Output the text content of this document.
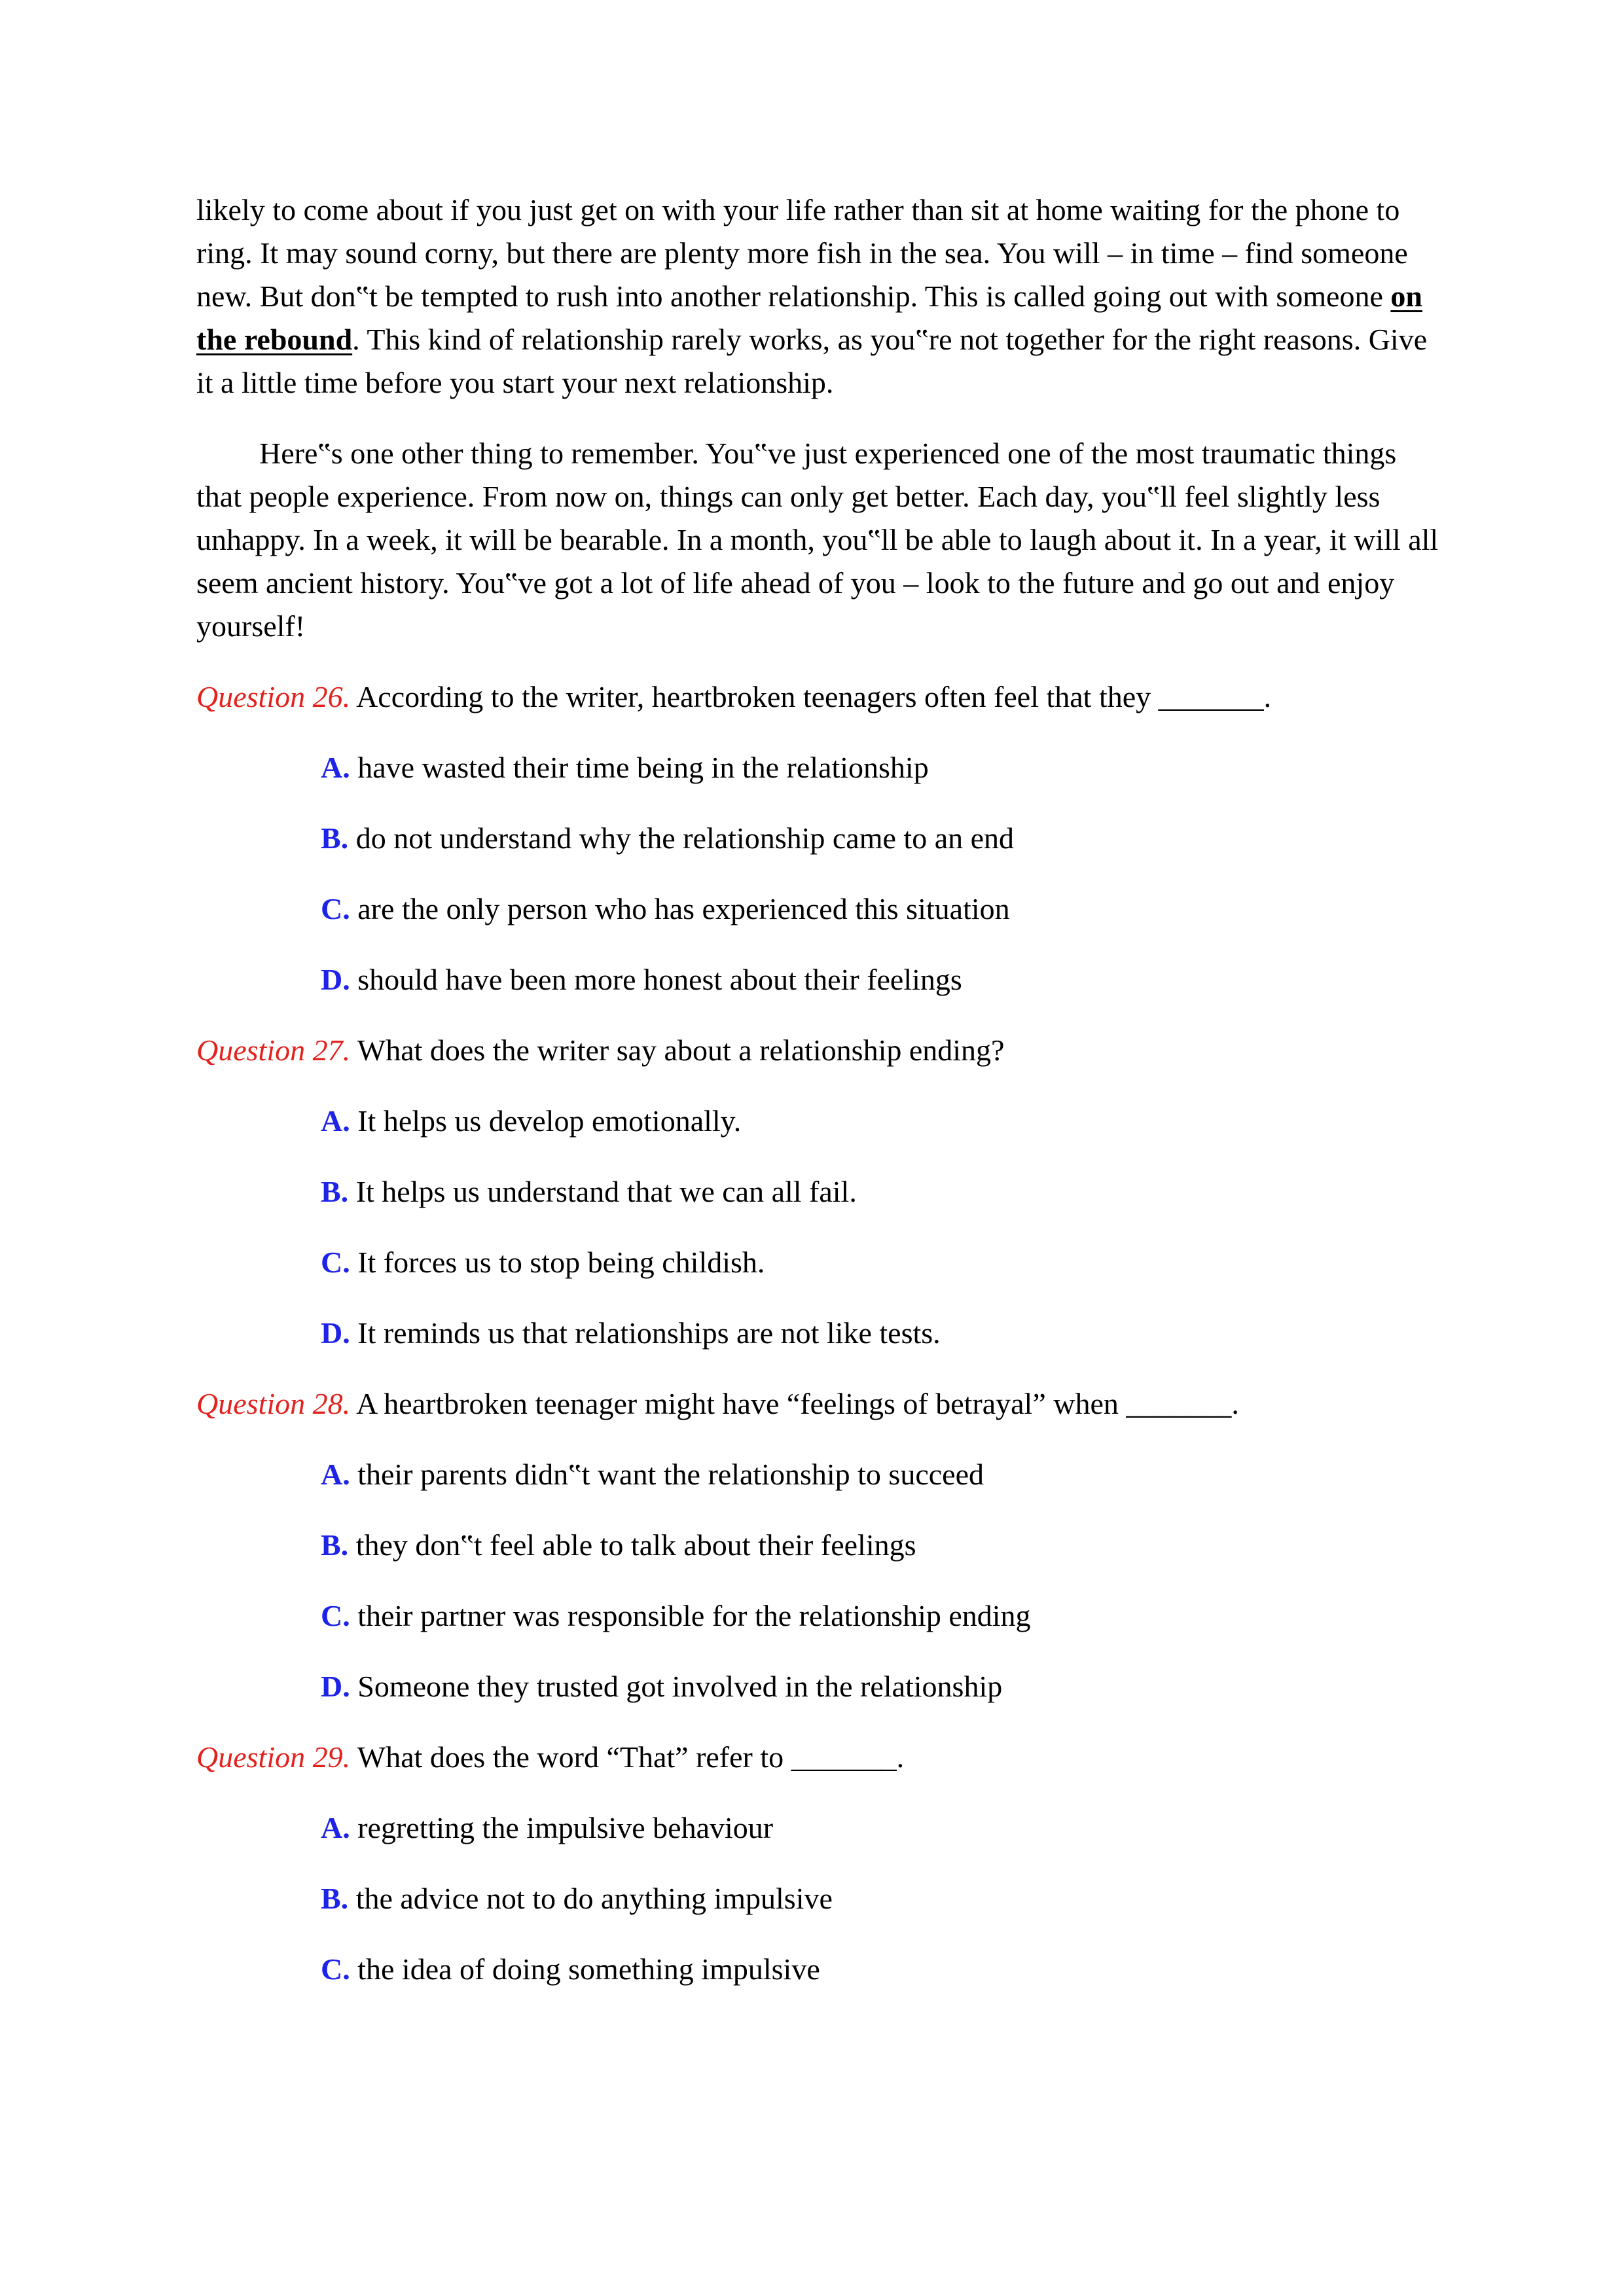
likely to come about if you just get on with your life rather than sit at home waiting for the phone to ring. It may sound corny, but there are plenty more fish in the sea. You will – in time – find someone new. But don‟t be tempted to rush into another relationship. This is called going out with someone on the rebound. This kind of relationship rarely works, as you‟re not together for the right reasons. Give it a little time before you start your next relationship.

Here‟s one other thing to remember. You‟ve just experienced one of the most traumatic things that people experience. From now on, things can only get better. Each day, you‟ll feel slightly less unhappy. In a week, it will be bearable. In a month, you‟ll be able to laugh about it. In a year, it will all seem ancient history. You‟ve got a lot of life ahead of you – look to the future and go out and enjoy yourself!

Question 26. According to the writer, heartbroken teenagers often feel that they _______.
A. have wasted their time being in the relationship
B. do not understand why the relationship came to an end
C. are the only person who has experienced this situation
D. should have been more honest about their feelings
Question 27. What does the writer say about a relationship ending?
A. It helps us develop emotionally.
B. It helps us understand that we can all fail.
C. It forces us to stop being childish.
D. It reminds us that relationships are not like tests.
Question 28. A heartbroken teenager might have “feelings of betrayal” when _______.
A. their parents didn‟t want the relationship to succeed
B. they don‟t feel able to talk about their feelings
C. their partner was responsible for the relationship ending
D. Someone they trusted got involved in the relationship
Question 29. What does the word “That” refer to _______.
A. regretting the impulsive behaviour
B. the advice not to do anything impulsive
C. the idea of doing something impulsive
